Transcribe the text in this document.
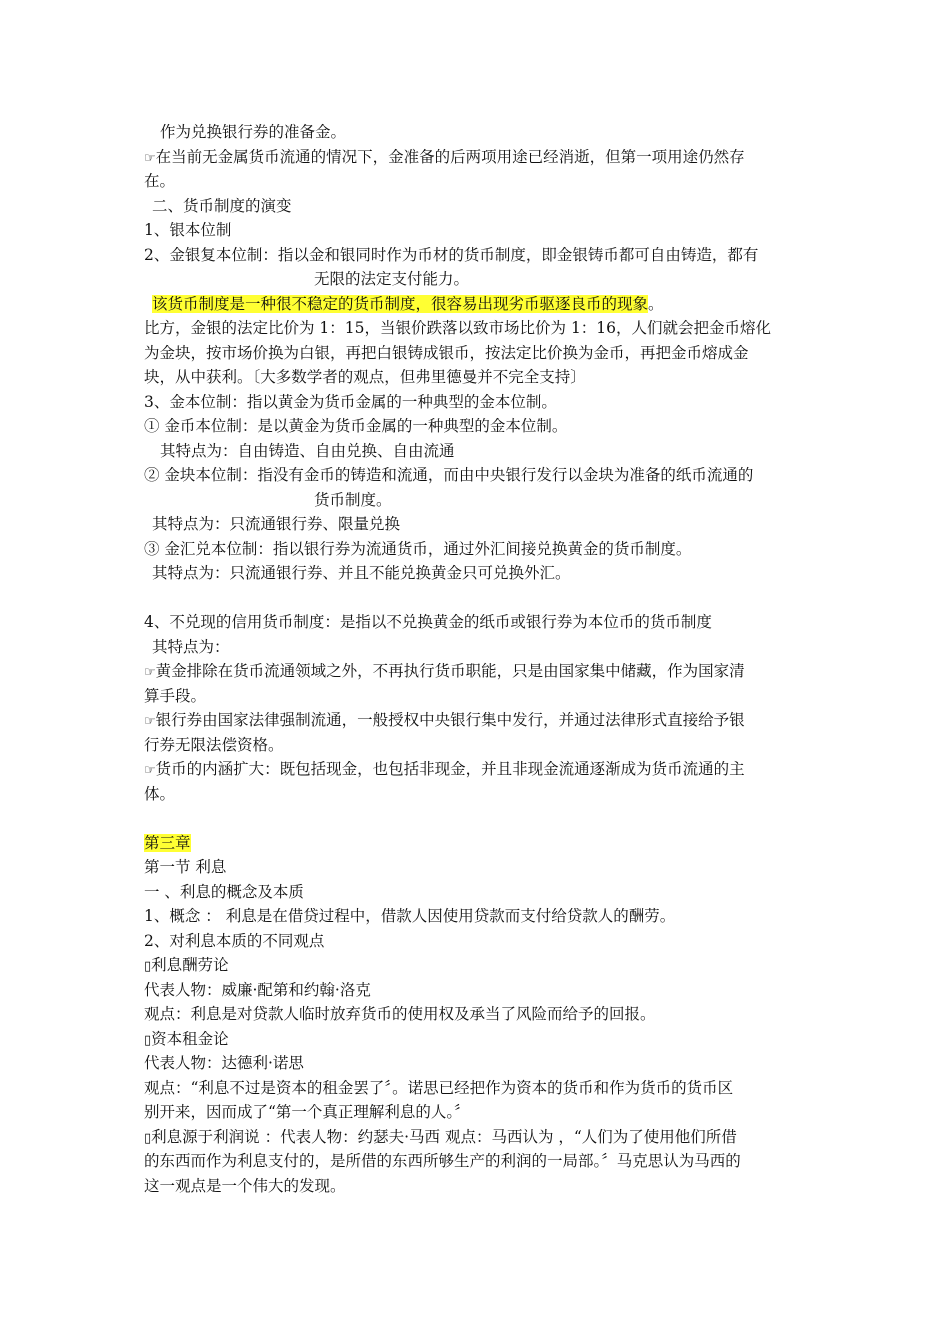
作为兑换银行券的准备金。
☞在当前无金属货币流通的情况下，金准备的后两项用途已经消逝，但第一项用途仍然存
在。
二、货币制度的演变
1、银本位制
2、金银复本位制：指以金和银同时作为币材的货币制度，即金银铸币都可自由铸造，都有
无限的法定支付能力。
该货币制度是一种很不稳定的货币制度，很容易出现劣币驱逐良币的现象。
比方，金银的法定比价为 1：15，当银价跌落以致市场比价为 1：16，人们就会把金币熔化
为金块，按市场价换为白银，再把白银铸成银币，按法定比价换为金币，再把金币熔成金
块，从中获利。〔大多数学者的观点，但弗里德曼并不完全支持〕
3、金本位制：指以黄金为货币金属的一种典型的金本位制。
① 金币本位制：是以黄金为货币金属的一种典型的金本位制。
其特点为：自由铸造、自由兑换、自由流通
② 金块本位制：指没有金币的铸造和流通，而由中央银行发行以金块为准备的纸币流通的
货币制度。
其特点为：只流通银行券、限量兑换
③ 金汇兑本位制：指以银行券为流通货币，通过外汇间接兑换黄金的货币制度。
其特点为：只流通银行券、并且不能兑换黄金只可兑换外汇。
4、不兑现的信用货币制度：是指以不兑换黄金的纸币或银行券为本位币的货币制度
其特点为：
☞黄金排除在货币流通领域之外，不再执行货币职能，只是由国家集中储藏，作为国家清
算手段。
☞银行券由国家法律强制流通，一般授权中央银行集中发行，并通过法律形式直接给予银
行券无限法偿资格。
☞货币的内涵扩大：既包括现金，也包括非现金，并且非现金流通逐渐成为货币流通的主
体。
第三章
第一节 利息
一 、利息的概念及本质
1、概念 ： 利息是在借贷过程中，借款人因使用贷款而支付给贷款人的酬劳。
2、对利息本质的不同观点
▯利息酬劳论
代表人物：威廉·配第和约翰·洛克
观点：利息是对贷款人临时放弃货币的使用权及承当了风险而给予的回报。
▯资本租金论
代表人物：达德利·诺思
观点：“利息不过是资本的租金罢了〞。诺思已经把作为资本的货币和作为货币的货币区
别开来，因而成了“第一个真正理解利息的人。〞
▯利息源于利润说 ：代表人物：约瑟夫·马西 观点：马西认为 ，“人们为了使用他们所借
的东西而作为利息支付的，是所借的东西所够生产的利润的一局部。〞马克思认为马西的
这一观点是一个伟大的发现。
